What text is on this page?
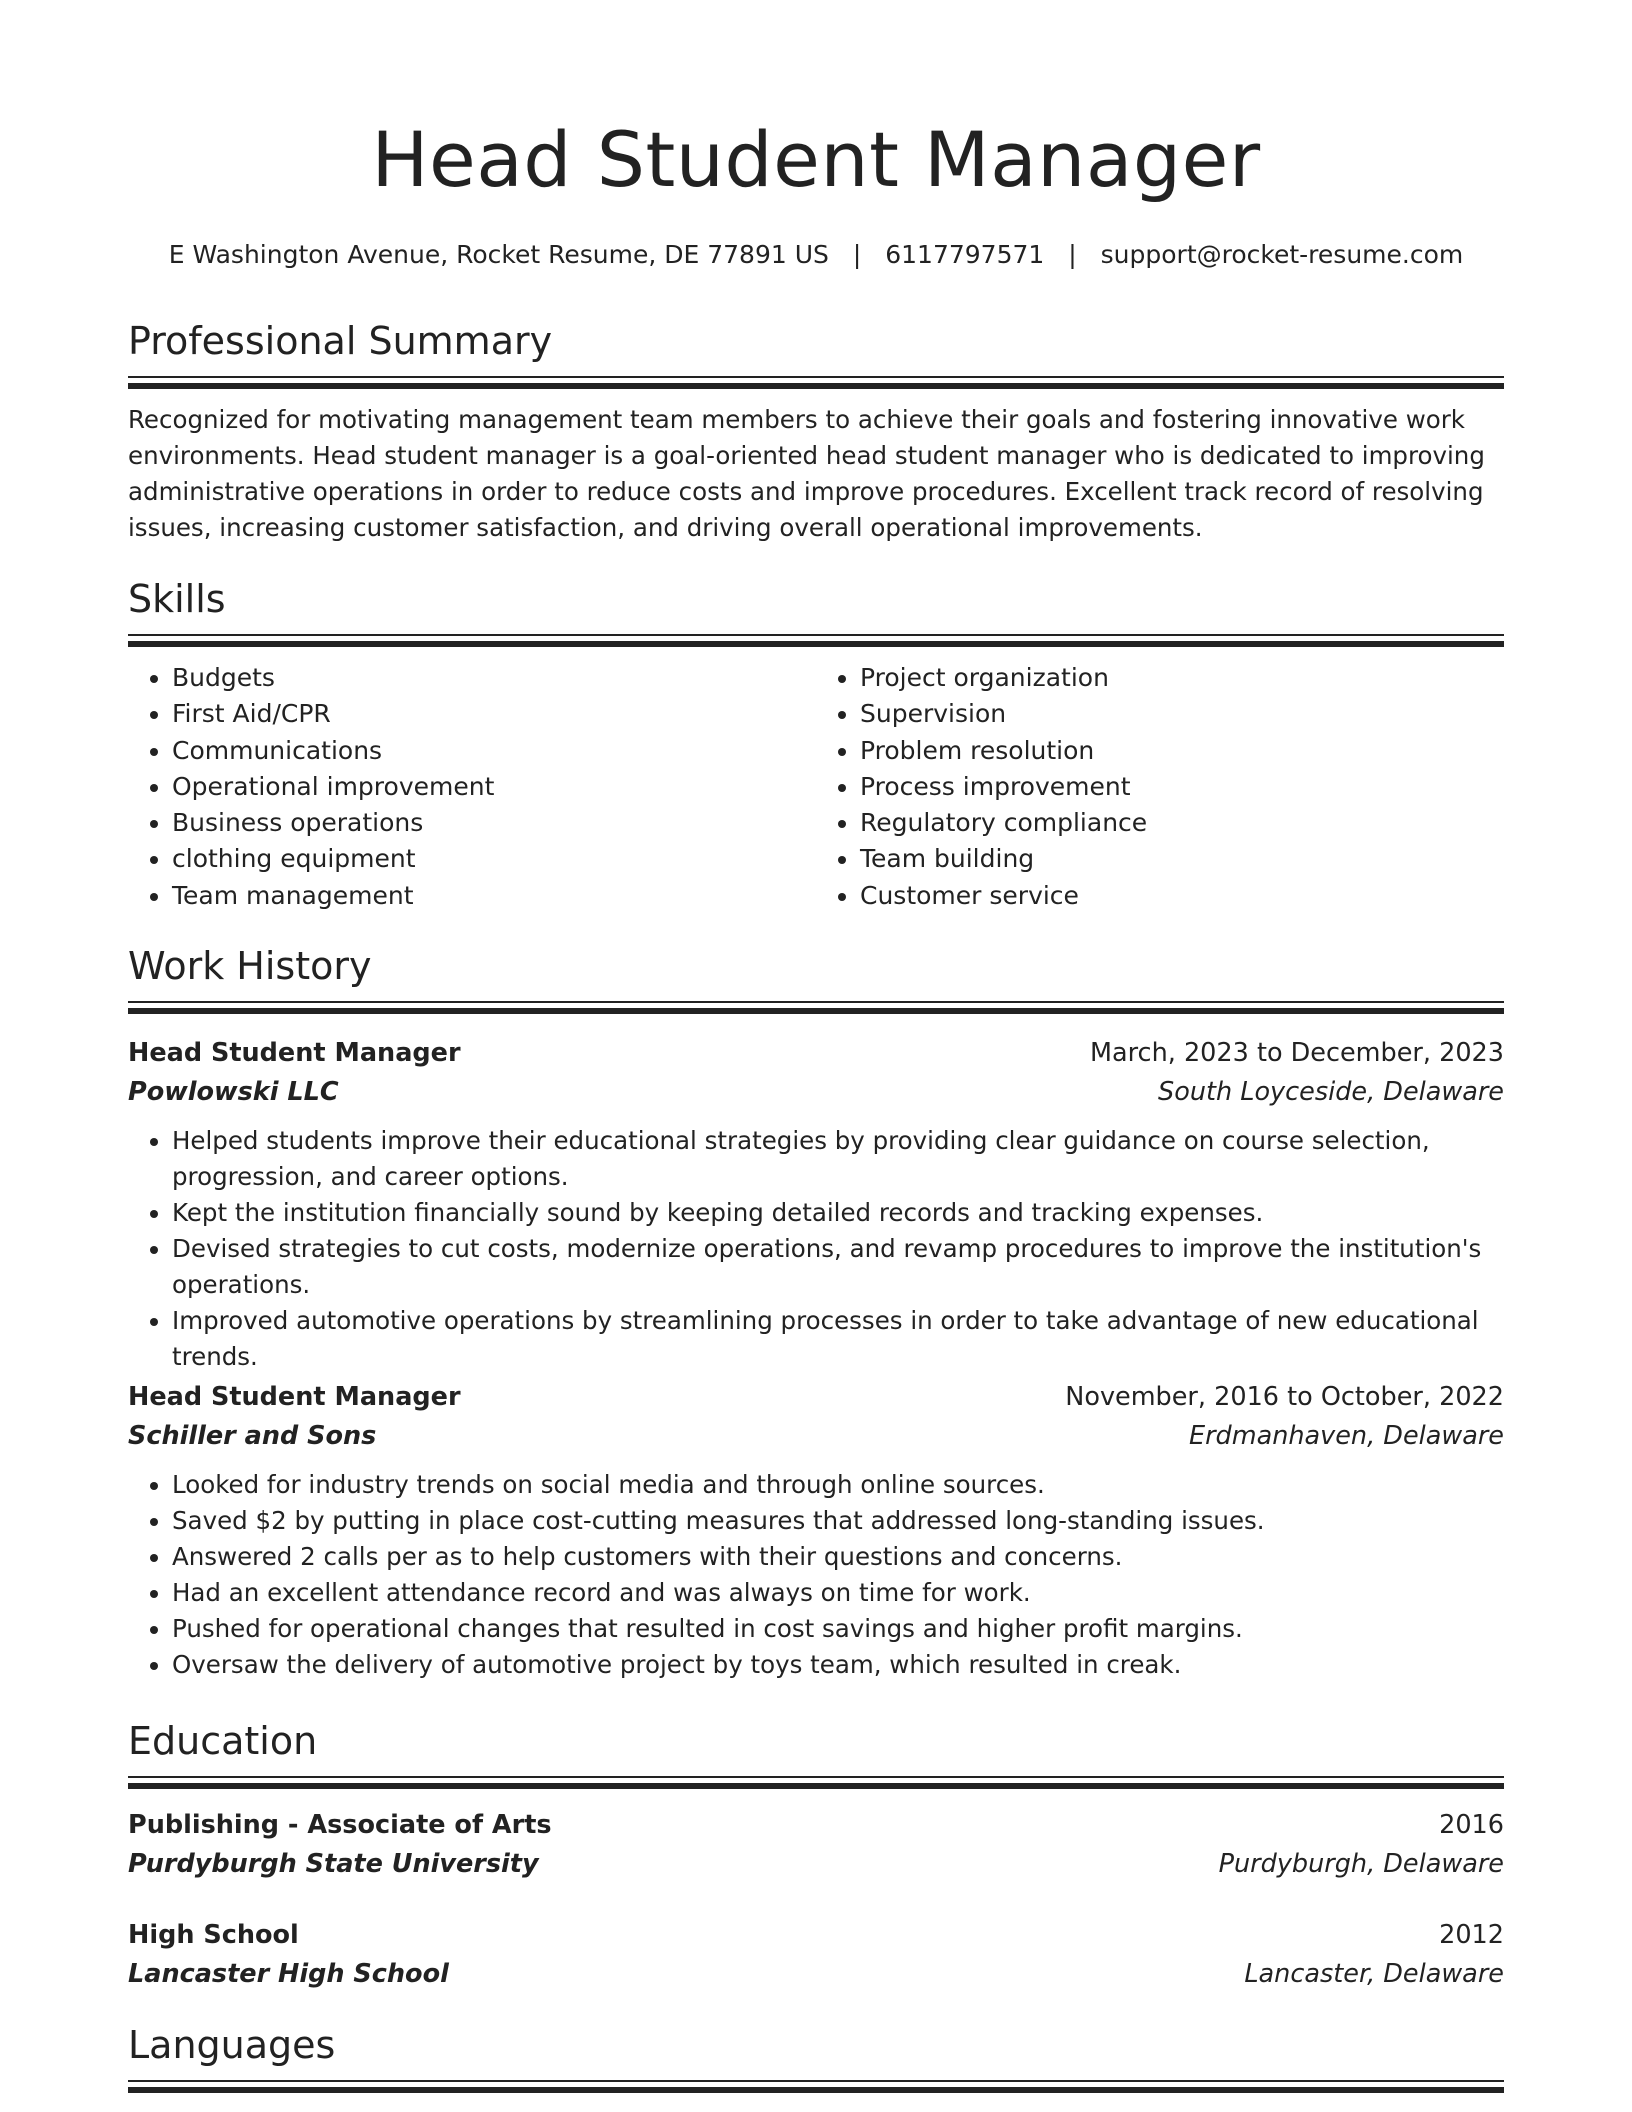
Head Student Manager
E Washington Avenue, Rocket Resume, DE 77891 US | 6117797571 | support@rocket-resume.com
Professional Summary

Recognized for motivating management team members to achieve their goals and fostering innovative work environments. Head student manager is a goal-oriented head student manager who is dedicated to improving administrative operations in order to reduce costs and improve procedures. Excellent track record of resolving issues, increasing customer satisfaction, and driving overall operational improvements.

Skills
• Budgets
• First Aid/CPR
• Communications
• Operational improvement
• Business operations
• clothing equipment
• Team management
• Project organization
• Supervision
• Problem resolution
• Process improvement
• Regulatory compliance
• Team building
• Customer service
Work History
Head Student Manager	March, 2023 to December, 2023
Powlowski LLC	South Loyceside, Delaware
• Helped students improve their educational strategies by providing clear guidance on course selection, progression, and career options.
• Kept the institution financially sound by keeping detailed records and tracking expenses.
• Devised strategies to cut costs, modernize operations, and revamp procedures to improve the institution's operations.
• Improved automotive operations by streamlining processes in order to take advantage of new educational trends.
Head Student Manager	November, 2016 to October, 2022
Schiller and Sons	Erdmanhaven, Delaware
• Looked for industry trends on social media and through online sources.
• Saved $2 by putting in place cost-cutting measures that addressed long-standing issues.
• Answered 2 calls per as to help customers with their questions and concerns.
• Had an excellent attendance record and was always on time for work.
• Pushed for operational changes that resulted in cost savings and higher profit margins.
• Oversaw the delivery of automotive project by toys team, which resulted in creak.
Education
Publishing - Associate of Arts	2016
Purdyburgh State University	Purdyburgh, Delaware
High School	2012
Lancaster High School	Lancaster, Delaware
Languages
